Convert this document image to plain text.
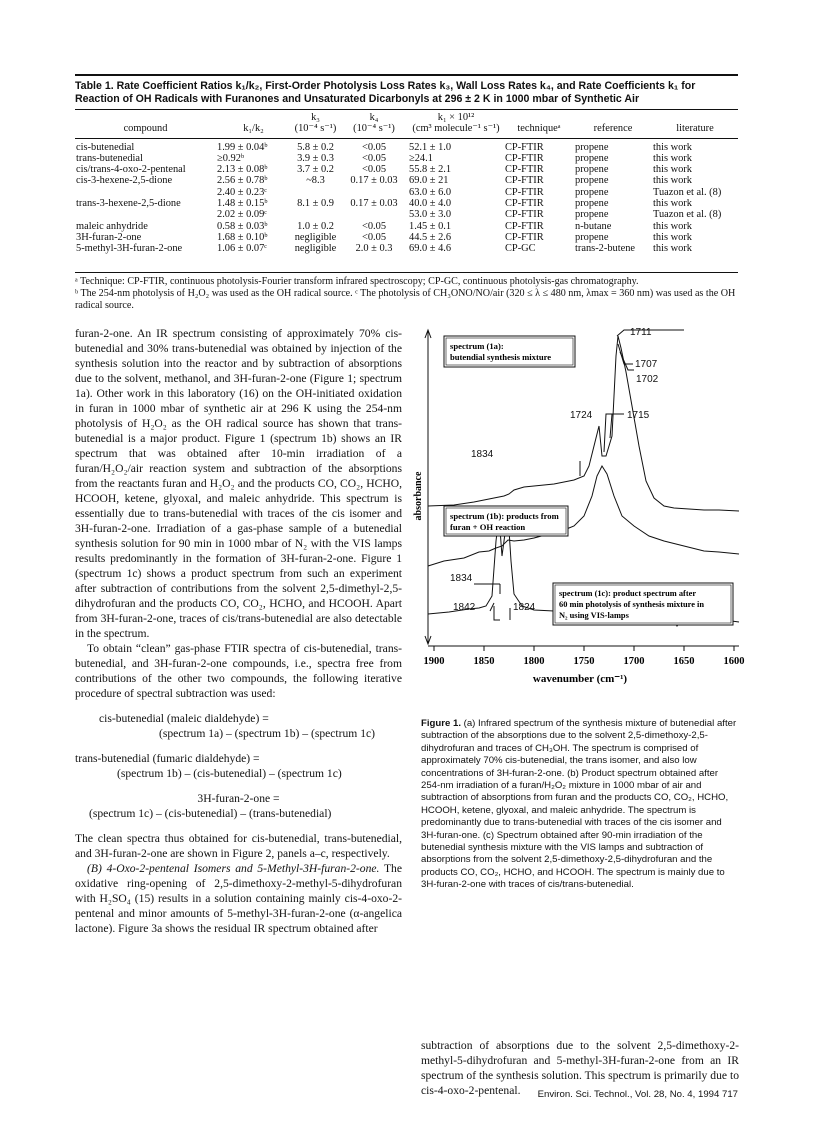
Table 1. Rate Coefficient Ratios k₁/k₂, First-Order Photolysis Loss Rates k₃, Wall Loss Rates k₄, and Rate Coefficients k₁ for Reaction of OH Radicals with Furanones and Unsaturated Dicarbonyls at 296 ± 2 K in 1000 mbar of Synthetic Air
		k₃	k₄	k₁ × 10¹²			
compound	k₁/k₂	(10⁻⁴ s⁻¹)	(10⁻⁴ s⁻¹)	(cm³ molecule⁻¹ s⁻¹)	techniqueᵃ	reference	literature
cis-butenedial	1.99 ± 0.04ᵇ	5.8 ± 0.2	<0.05	52.1 ± 1.0	CP-FTIR	propene	this work
trans-butenedial	≥0.92ᵇ	3.9 ± 0.3	<0.05	≥24.1	CP-FTIR	propene	this work
cis/trans-4-oxo-2-pentenal	2.13 ± 0.08ᵇ	3.7 ± 0.2	<0.05	55.8 ± 2.1	CP-FTIR	propene	this work
cis-3-hexene-2,5-dione	2.56 ± 0.78ᵇ	~8.3	0.17 ± 0.03	69.0 ± 21	CP-FTIR	propene	this work
	2.40 ± 0.23ᶜ			63.0 ± 6.0	CP-FTIR	propene	Tuazon et al. (8)
trans-3-hexene-2,5-dione	1.48 ± 0.15ᵇ	8.1 ± 0.9	0.17 ± 0.03	40.0 ± 4.0	CP-FTIR	propene	this work
	2.02 ± 0.09ᶜ			53.0 ± 3.0	CP-FTIR	propene	Tuazon et al. (8)
maleic anhydride	0.58 ± 0.03ᵇ	1.0 ± 0.2	<0.05	1.45 ± 0.1	CP-FTIR	n-butane	this work
3H-furan-2-one	1.68 ± 0.10ᵇ	negligible	<0.05	44.5 ± 2.6	CP-FTIR	propene	this work
5-methyl-3H-furan-2-one	1.06 ± 0.07ᶜ	negligible	2.0 ± 0.3	69.0 ± 4.6	CP-GC	trans-2-butene	this work

ᵃ Technique: CP-FTIR, continuous photolysis-Fourier transform infrared spectroscopy; CP-GC, continuous photolysis-gas chromatography.

ᵇ The 254-nm photolysis of H₂O₂ was used as the OH radical source. ᶜ The photolysis of CH₃ONO/NO/air (320 ≤ λ ≤ 480 nm, λmax = 360 nm) was used as the OH radical source.

furan-2-one. An IR spectrum consisting of approximately 70% cis-butenedial and 30% trans-butenedial was obtained by injection of the synthesis solution into the reactor and by subtraction of absorptions due to the solvent, methanol, and 3H-furan-2-one (Figure 1; spectrum 1a). Other work in this laboratory (16) on the OH-initiated oxidation in furan in 1000 mbar of synthetic air at 296 K using the 254-nm photolysis of H₂O₂ as the OH radical source has shown that trans-butenedial is a major product. Figure 1 (spectrum 1b) shows an IR spectrum that was obtained after 10-min irradiation of a furan/H₂O₂/air reaction system and subtraction of the absorptions from the reactants furan and H₂O₂ and the products CO, CO₂, HCHO, HCOOH, ketene, glyoxal, and maleic anhydride. This spectrum is essentially due to trans-butenedial with traces of the cis isomer and 3H-furan-2-one. Irradiation of a gas-phase sample of a butenedial synthesis solution for 90 min in 1000 mbar of N₂ with the VIS lamps results predominantly in the formation of 3H-furan-2-one. Figure 1 (spectrum 1c) shows a product spectrum from such an experiment after subtraction of contributions from the solvent 2,5-dimethyl-2,5-dihydrofuran and the products CO, CO₂, HCHO, and HCOOH. Apart from 3H-furan-2-one, traces of cis/trans-butenedial are also detectable in the spectrum.

To obtain “clean” gas-phase FTIR spectra of cis-butenedial, trans-butenedial, and 3H-furan-2-one compounds, i.e., spectra free from contributions of the other two compounds, the following iterative procedure of spectral subtraction was used:

cis-butenedial (maleic dialdehyde) =
(spectrum 1a) – (spectrum 1b) – (spectrum 1c)
trans-butenedial (fumaric dialdehyde) =
(spectrum 1b) – (cis-butenedial) – (spectrum 1c)
3H-furan-2-one =
(spectrum 1c) – (cis-butenedial) – (trans-butenedial)

The clean spectra thus obtained for cis-butenedial, trans-butenedial, and 3H-furan-2-one are shown in Figure 2, panels a–c, respectively.

(B) 4-Oxo-2-pentenal Isomers and 5-Methyl-3H-furan-2-one. The oxidative ring-opening of 2,5-dimethoxy-2-methyl-5-dihydrofuran with H₂SO₄ (15) results in a solution containing mainly cis-4-oxo-2-pentenal and minor amounts of 5-methyl-3H-furan-2-one (α-angelica lactone). Figure 3a shows the residual IR spectrum obtained after

1900	1850	1800	1750	1700	1650	1600
absorbance
wavenumber (cm⁻¹)
1711
1707
1702
1724	1715
1834
1834
1842	1824
spectrum (1a):
butendial synthesis mixture
spectrum (1b): products from
furan + OH reaction
spectrum (1c): product spectrum after
60 min photolysis of synthesis mixture in
N₂ using VIS-lamps
Figure 1. (a) Infrared spectrum of the synthesis mixture of butenedial after subtraction of the absorptions due to the solvent 2,5-dimethoxy-2,5-dihydrofuran and traces of CH₃OH. The spectrum is comprised of approximately 70% cis-butenedial, the trans isomer, and also low concentrations of 3H-furan-2-one. (b) Product spectrum obtained after 254-nm irradiation of a furan/H₂O₂ mixture in 1000 mbar of air and subtraction of absorptions from furan and the products CO, CO₂, HCHO, HCOOH, ketene, glyoxal, and maleic anhydride. The spectrum is predominantly due to trans-butenedial with traces of the cis isomer and 3H-furan-one. (c) Spectrum obtained after 90-min irradiation of the butenedial synthesis mixture with the VIS lamps and subtraction of absorptions from the solvent 2,5-dimethoxy-2,5-dihydrofuran and the products CO, CO₂, HCHO, and HCOOH. The spectrum is mainly due to 3H-furan-2-one with traces of cis/trans-butenedial.

subtraction of absorptions due to the solvent 2,5-dimethoxy-2-methyl-5-dihydrofuran and 5-methyl-3H-furan-2-one from an IR spectrum of the synthesis solution. This spectrum is primarily due to cis-4-oxo-2-pentenal.	Environ. Sci. Technol., Vol. 28, No. 4, 1994 717
